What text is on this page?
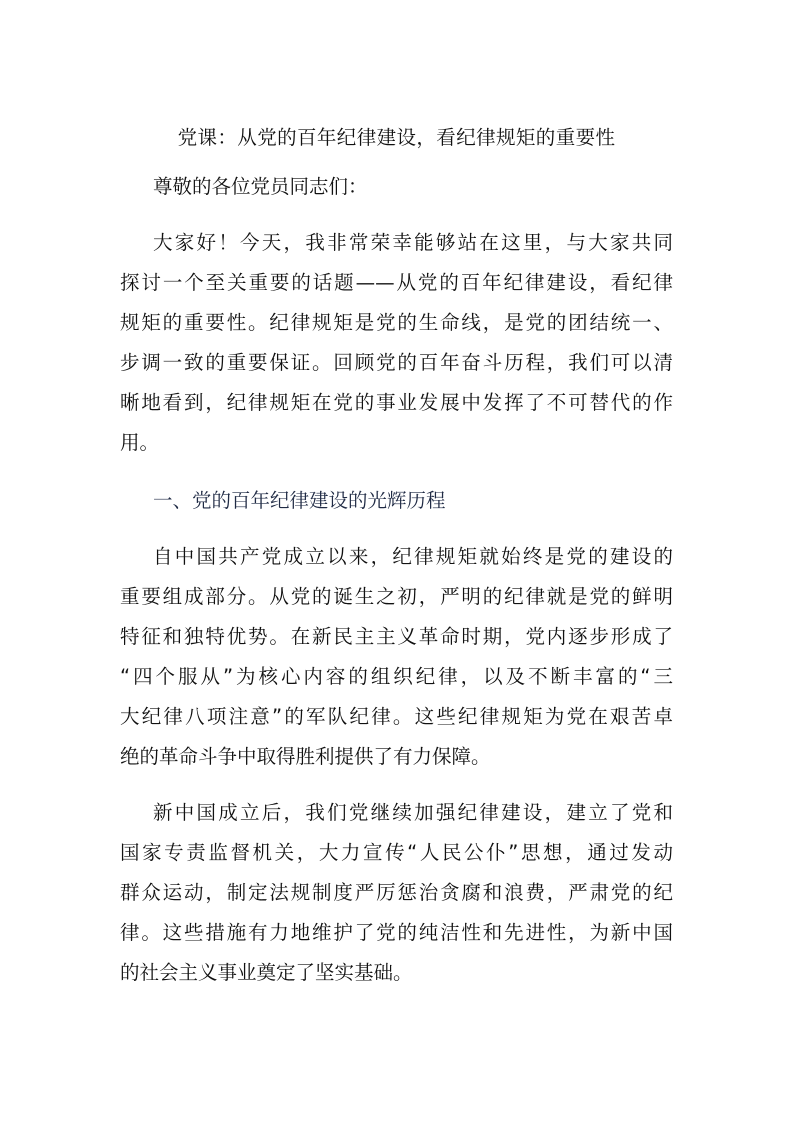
党课：从党的百年纪律建设，看纪律规矩的重要性
尊敬的各位党员同志们：
大家好！今天，我非常荣幸能够站在这里，与大家共同
探讨一个至关重要的话题——从党的百年纪律建设，看纪律
规矩的重要性。纪律规矩是党的生命线，是党的团结统一、
步调一致的重要保证。回顾党的百年奋斗历程，我们可以清
晰地看到，纪律规矩在党的事业发展中发挥了不可替代的作
用。
一、党的百年纪律建设的光辉历程
自中国共产党成立以来，纪律规矩就始终是党的建设的
重要组成部分。从党的诞生之初，严明的纪律就是党的鲜明
特征和独特优势。在新民主主义革命时期，党内逐步形成了
“四个服从”为核心内容的组织纪律，以及不断丰富的“三
大纪律八项注意”的军队纪律。这些纪律规矩为党在艰苦卓
绝的革命斗争中取得胜利提供了有力保障。
新中国成立后，我们党继续加强纪律建设，建立了党和
国家专责监督机关，大力宣传“人民公仆”思想，通过发动
群众运动，制定法规制度严厉惩治贪腐和浪费，严肃党的纪
律。这些措施有力地维护了党的纯洁性和先进性，为新中国
的社会主义事业奠定了坚实基础。
